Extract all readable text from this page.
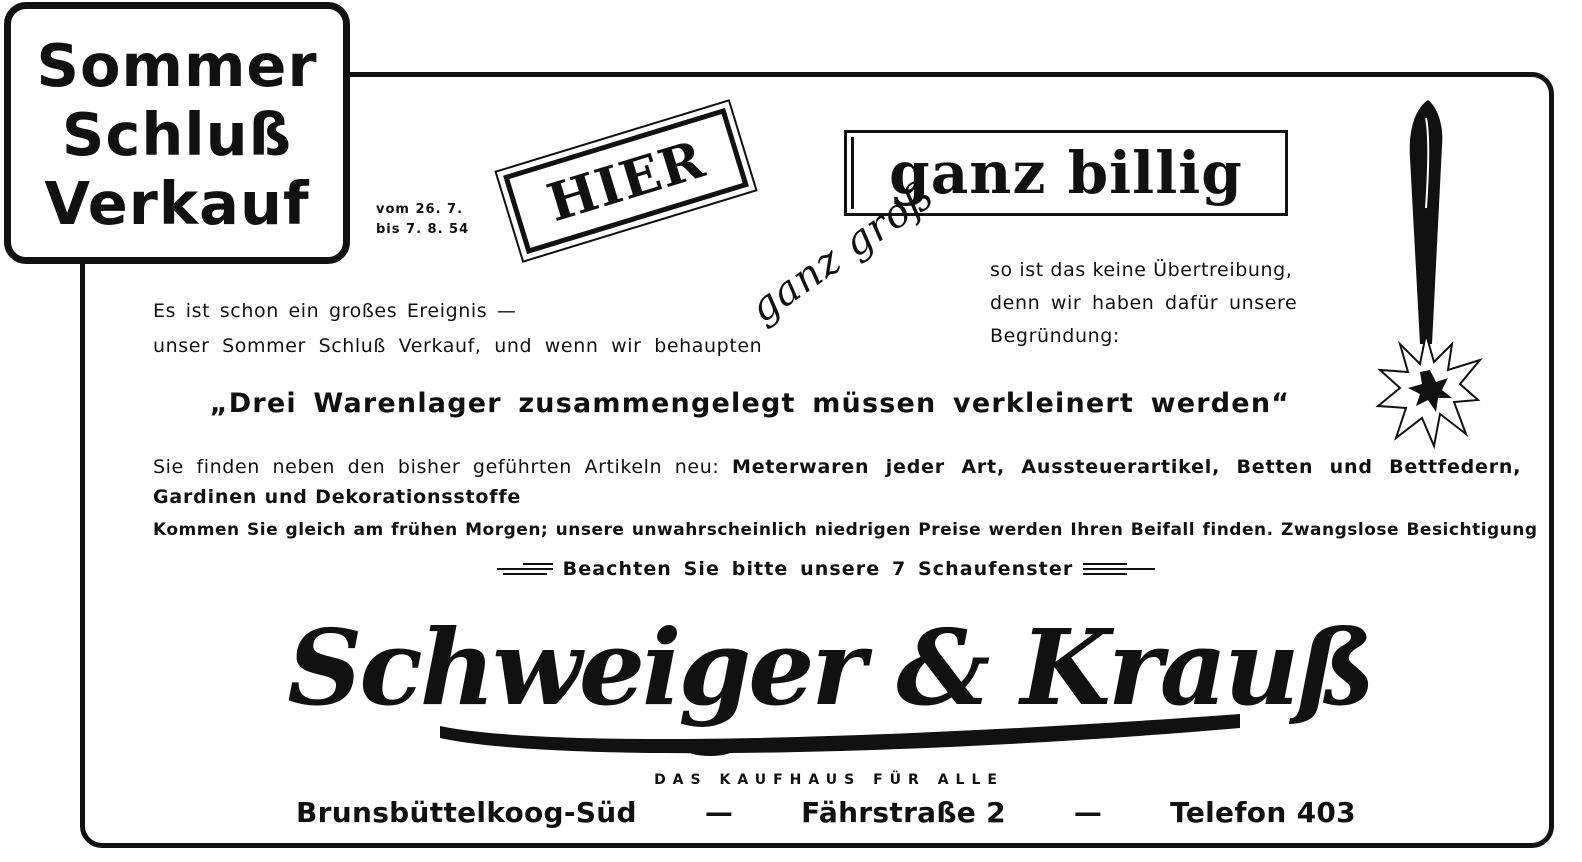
Sommer
Schluß
Verkauf	vom 26. 7.
bis 7. 8. 54 HIER	ganz billig
Es ist schon ein großes Ereignis —
unser Sommer Schluß Verkauf, und wenn wir behaupten
ganz groß so ist das keine Übertreibung,
denn wir haben dafür unsere
Begründung:
„Drei Warenlager zusammengelegt müssen verkleinert werden“
Sie finden neben den bisher geführten Artikeln neu: Meterwaren jeder Art, Aussteuerartikel, Betten und Bettfedern,
Gardinen und Dekorationsstoffe
Kommen Sie gleich am frühen Morgen; unsere unwahrscheinlich niedrigen Preise werden Ihren Beifall finden. Zwangslose Besichtigung
Beachten Sie bitte unsere 7 Schaufenster
Schweiger & Krauß
DAS KAUFHAUS FÜR ALLE
Brunsbüttelkoog-Süd — Fährstraße 2 — Telefon 403
